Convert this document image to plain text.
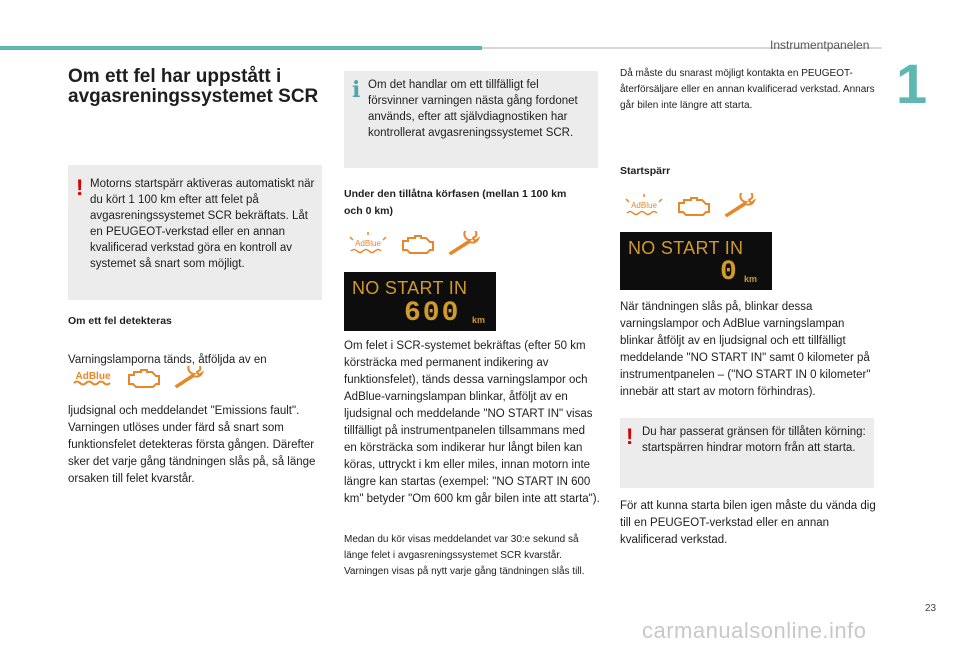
Instrumentpanelen
1
Om ett fel har uppstått i avgasreningssystemet SCR
! Motorns startspärr aktiveras automatiskt när du kört 1 100 km efter att felet på avgasreningssystemet SCR bekräftats. Låt en PEUGEOT-verkstad eller en annan kvalificerad verkstad göra en kontroll av systemet så snart som möjligt.

Om ett fel detekteras
Varningslamporna tänds, åtföljda av en
AdBlue
ljudsignal och meddelandet "Emissions fault". Varningen utlöses under färd så snart som funktionsfelet detekteras första gången. Därefter sker det varje gång tändningen slås på, så länge orsaken till felet kvarstår.
i Om det handlar om ett tillfälligt fel försvinner varningen nästa gång fordonet används, efter att självdiagnostiken har kontrollerat avgasreningssystemet SCR.

Under den tillåtna körfasen (mellan 1 100 km och 0 km)
AdBlue
NO START IN
600 km
Om felet i SCR-systemet bekräftas (efter 50 km körsträcka med permanent indikering av funktionsfelet), tänds dessa varningslampor och AdBlue-varningslampan blinkar, åtföljt av en ljudsignal och meddelande "NO START IN" visas tillfälligt på instrumentpanelen tillsammans med en körsträcka som indikerar hur långt bilen kan köras, uttryckt i km eller miles, innan motorn inte längre kan startas (exempel: "NO START IN 600 km" betyder "Om 600 km går bilen inte att starta").
Medan du kör visas meddelandet var 30:e sekund så länge felet i avgasreningssystemet SCR kvarstår. Varningen visas på nytt varje gång tändningen slås till.
Då måste du snarast möjligt kontakta en PEUGEOT-återförsäljare eller en annan kvalificerad verkstad. Annars går bilen inte längre att starta.
Startspärr
AdBlue
NO START IN
0 km
När tändningen slås på, blinkar dessa varningslampor och AdBlue varningslampan blinkar åtföljt av en ljudsignal och ett tillfälligt meddelande "NO START IN" samt 0 kilometer på instrumentpanelen – ("NO START IN 0 kilometer" innebär att start av motorn förhindras).
! Du har passerat gränsen för tillåten körning: startspärren hindrar motorn från att starta.

För att kunna starta bilen igen måste du vända dig till en PEUGEOT-verkstad eller en annan kvalificerad verkstad.
23
carmanualsonline.info
